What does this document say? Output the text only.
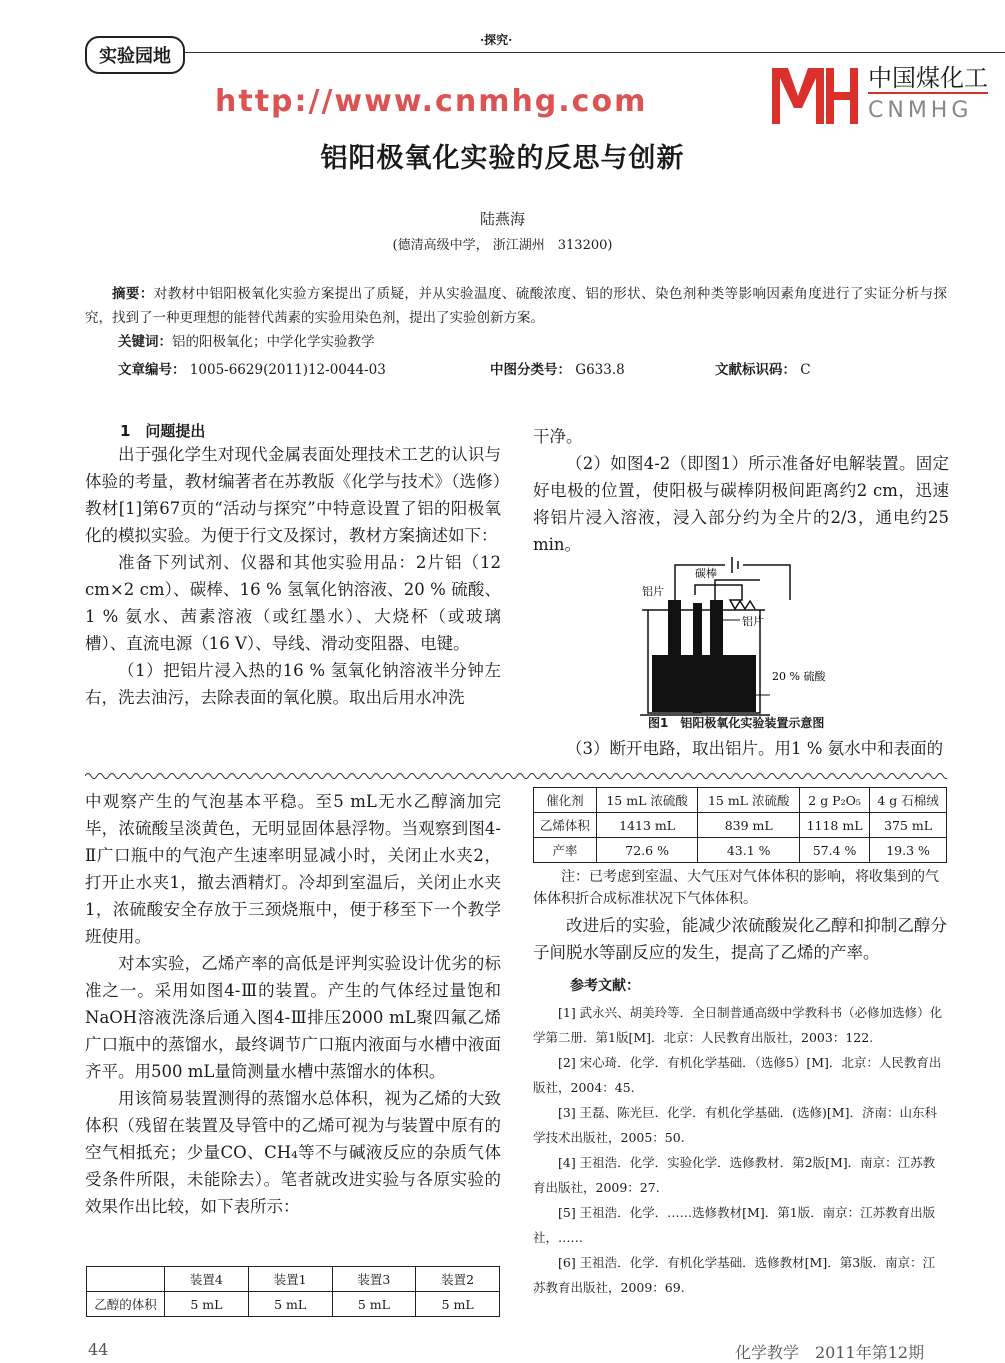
实验园地
·探究·
铝阳极氧化实验的反思与创新
陆燕海
(德清高级中学， 浙江湖州　313200)
摘要：对教材中铝阳极氧化实验方案提出了质疑，并从实验温度、硫酸浓度、铝的形状、染色剂种类等影响因素角度进行了实证分析与探究，找到了一种更理想的能替代茜素的实验用染色剂，提出了实验创新方案。
关键词：铝的阳极氧化；中学化学实验教学
文章编号： 1005-6629(2011)12-0044-03	中图分类号： G633.8	文献标识码： C
1　问题提出

出于强化学生对现代金属表面处理技术工艺的认识与体验的考量，教材编著者在苏教版《化学与技术》（选修）教材[1]第67页的“活动与探究”中特意设置了铝的阳极氧化的模拟实验。为便于行文及探讨，教材方案摘述如下：

准备下列试剂、仪器和其他实验用品：2片铝（12 cm×2 cm）、碳棒、16 % 氢氧化钠溶液、20 % 硫酸、1 % 氨水、茜素溶液（或红墨水）、大烧杯（或玻璃槽）、直流电源（16 V）、导线、滑动变阻器、电键。

（1）把铝片浸入热的16 % 氢氧化钠溶液半分钟左右，洗去油污，去除表面的氧化膜。取出后用水冲洗

干净。

（2）如图4-2（即图1）所示准备好电解装置。固定好电极的位置，使阳极与碳棒阴极间距离约2 cm，迅速将铝片浸入溶液，浸入部分约为全片的2/3，通电约25 min。

碳棒
铝片
铝片
20 % 硫酸
图1　铝阳极氧化实验装置示意图

（3）断开电路，取出铝片。用1 % 氨水中和表面的

中观察产生的气泡基本平稳。至5 mL无水乙醇滴加完毕，浓硫酸呈淡黄色，无明显固体悬浮物。当观察到图4-Ⅱ广口瓶中的气泡产生速率明显减小时，关闭止水夹2，打开止水夹1，撤去酒精灯。冷却到室温后，关闭止水夹1，浓硫酸安全存放于三颈烧瓶中，便于移至下一个教学班使用。

对本实验，乙烯产率的高低是评判实验设计优劣的标准之一。采用如图4-Ⅲ的装置。产生的气体经过量饱和NaOH溶液洗涤后通入图4-Ⅲ排压2000 mL聚四氟乙烯广口瓶中的蒸馏水，最终调节广口瓶内液面与水槽中液面齐平。用500 mL量筒测量水槽中蒸馏水的体积。

用该简易装置测得的蒸馏水总体积，视为乙烯的大致体积（残留在装置及导管中的乙烯可视为与装置中原有的空气相抵充；少量CO、CH₄等不与碱液反应的杂质气体受条件所限，未能除去）。笔者就改进实验与各原实验的效果作出比较，如下表所示：

	装置4	装置1	装置3	装置2
乙醇的体积	5 mL	5 mL	5 mL	5 mL
催化剂	15 mL 浓硫酸	15 mL 浓硫酸	2 g P₂O₅	4 g 石棉绒
乙烯体积	1413 mL	839 mL	1118 mL	375 mL
产率	72.6 %	43.1 %	57.4 %	19.3 %
注：已考虑到室温、大气压对气体体积的影响，将收集到的气体体积折合成标准状况下气体体积。

改进后的实验，能减少浓硫酸炭化乙醇和抑制乙醇分子间脱水等副反应的发生，提高了乙烯的产率。

参考文献：

[1] 武永兴、胡美玲等．全日制普通高级中学教科书（必修加选修）化学第二册．第1版[M]．北京：人民教育出版社，2003：122.

[2] 宋心琦．化学．有机化学基础．（选修5）[M]．北京：人民教育出版社，2004：45.

[3] 王磊、陈光巨．化学．有机化学基础．(选修)[M]．济南：山东科学技术出版社，2005：50.

[4] 王祖浩．化学．实验化学．选修教材．第2版[M]．南京：江苏教育出版社，2009：27.

[5] 王祖浩．化学．……选修教材[M]．第1版．南京：江苏教育出版社，……

[6] 王祖浩．化学．有机化学基础．选修教材[M]．第3版．南京：江苏教育出版社，2009：69.

中国煤化工
CNMHG
http://www.cnmhg.com
44	化学教学　2011年第12期
